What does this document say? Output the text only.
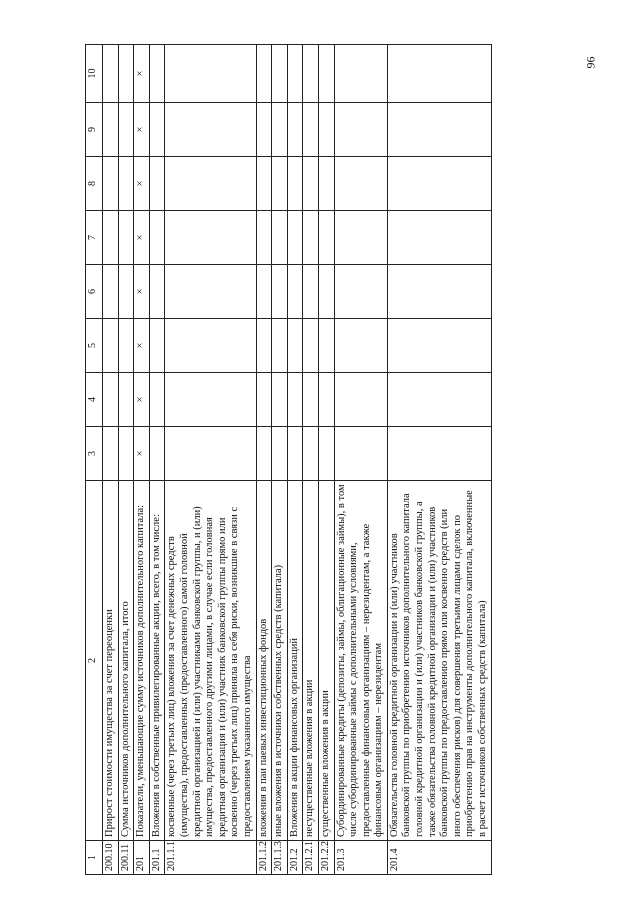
1	2	3	4	5	6	7	8	9	10
200.10	Прирост стоимости имущества за счет переоценки								
200.11	Сумма источников дополнительного капитала, итого								
201	Показатели, уменьшающие сумму источников дополнительного капитала:	×	×	×	×	×	×	×	×
201.1	Вложения в собственные привилегированные акции, всего, в том числе:								
201.1.1	косвенные (через третьих лиц) вложения за счет денежных средств (имущества), предоставленных (предоставленного) самой головной кредитной организацией и (или) участниками банковской группы, и (или) имущества, предоставленного другими лицами, в случае если головная кредитная организация и (или) участник банковской группы прямо или косвенно (через третьих лиц) приняла на себя риски, возникшие в связи с предоставлением указанного имущества								
201.1.2	вложения в паи паевых инвестиционных фондов								
201.1.3	иные вложения в источники собственных средств (капитала)								
201.2	Вложения в акции финансовых организаций								
201.2.1	несущественные вложения в акции								
201.2.2	существенные вложения в акции								
201.3	Субординированные кредиты (депозиты, займы, облигационные займы), в том числе субординированные займы с дополнительными условиями, предоставленные финансовым организациям – нерезидентам, а также финансовым организациям – нерезидентам								
201.4	Обязательства головной кредитной организации и (или) участников банковской группы по приобретению источников дополнительного капитала головной кредитной организации и (или) участников банковской группы, а также обязательства головной кредитной организации и (или) участников банковской группы по предоставлению прямо или косвенно средств (или иного обеспечения рисков) для совершения третьими лицами сделок по приобретению прав на инструменты дополнительного капитала, включенные в расчет источников собственных средств (капитала)								
96
